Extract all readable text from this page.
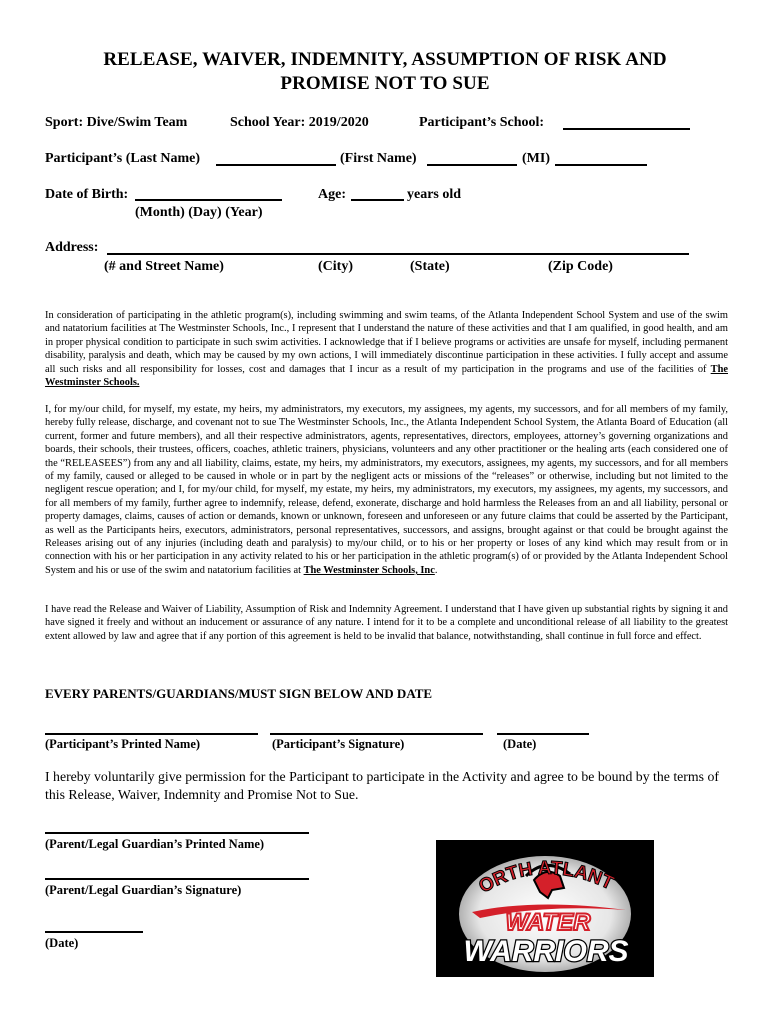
RELEASE, WAIVER, INDEMNITY, ASSUMPTION OF RISK AND
PROMISE NOT TO SUE
Sport: Dive/Swim Team	School Year: 2019/2020	Participant’s School:
Participant’s (Last Name)	(First Name)	(MI)
Date of Birth:
(Month) (Day) (Year)
Age:	years old
Address:
(# and Street Name)	(City)	(State)	(Zip Code)
In consideration of participating in the athletic program(s), including swimming and swim teams, of the Atlanta Independent School System and use of the swim and natatorium facilities at The Westminster Schools, Inc., I represent that I understand the nature of these activities and that I am qualified, in good health, and am in proper physical condition to participate in such swim activities. I acknowledge that if I believe programs or activities are unsafe for myself, including permanent disability, paralysis and death, which may be caused by my own actions, I will immediately discontinue participation in these activities. I fully accept and assume all such risks and all responsibility for losses, cost and damages that I incur as a result of my participation in the programs and use of the facilities of The Westminster Schools.
I, for my/our child, for myself, my estate, my heirs, my administrators, my executors, my assignees, my agents, my successors, and for all members of my family, hereby fully release, discharge, and covenant not to sue The Westminster Schools, Inc., the Atlanta Independent School System, the Atlanta Board of Education (all current, former and future members), and all their respective administrators, agents, representatives, directors, employees, attorney’s governing organizations and boards, their schools, their trustees, officers, coaches, athletic trainers, physicians, volunteers and any other practitioner or the healing arts (each considered one of the “RELEASEES”) from any and all liability, claims, estate, my heirs, my administrators, my executors, assignees, my agents, my successors, and for all members of my family, caused or alleged to be caused in whole or in part by the negligent acts or missions of the “releases” or otherwise, including but not limited to the negligent rescue operation; and I, for my/our child, for myself, my estate, my heirs, my administrators, my executors, my assignees, my agents, my successors, and for all members of my family, further agree to indemnify, release, defend, exonerate, discharge and hold harmless the Releases from an and all liability, personal or property damages, claims, causes of action or demands, known or unknown, foreseen and unforeseen or any future claims that could be asserted by the Participant, as well as the Participants heirs, executors, administrators, personal representatives, successors, and assigns, brought against or that could be brought against the Releases arising out of any injuries (including death and paralysis) to my/our child, or to his or her property or loses of any kind which may result from or in connection with his or her participation in any activity related to his or her participation in the athletic program(s) of or provided by the Atlanta Independent School System and his or use of the swim and natatorium facilities at The Westminster Schools, Inc.
I have read the Release and Waiver of Liability, Assumption of Risk and Indemnity Agreement. I understand that I have given up substantial rights by signing it and have signed it freely and without an inducement or assurance of any nature. I intend for it to be a complete and unconditional release of all liability to the greatest extent allowed by law and agree that if any portion of this agreement is held to be invalid that balance, notwithstanding, shall continue in full force and effect.
EVERY PARENTS/GUARDIANS/MUST SIGN BELOW AND DATE
(Participant’s Printed Name)	(Participant’s Signature)	(Date)
I hereby voluntarily give permission for the Participant to participate in the Activity and agree to be bound by the terms of this Release, Waiver, Indemnity and Promise Not to Sue.
(Parent/Legal Guardian’s Printed Name)
(Parent/Legal Guardian’s Signature)
(Date)
ORTH ATLANT
WATER
WARRIORS
